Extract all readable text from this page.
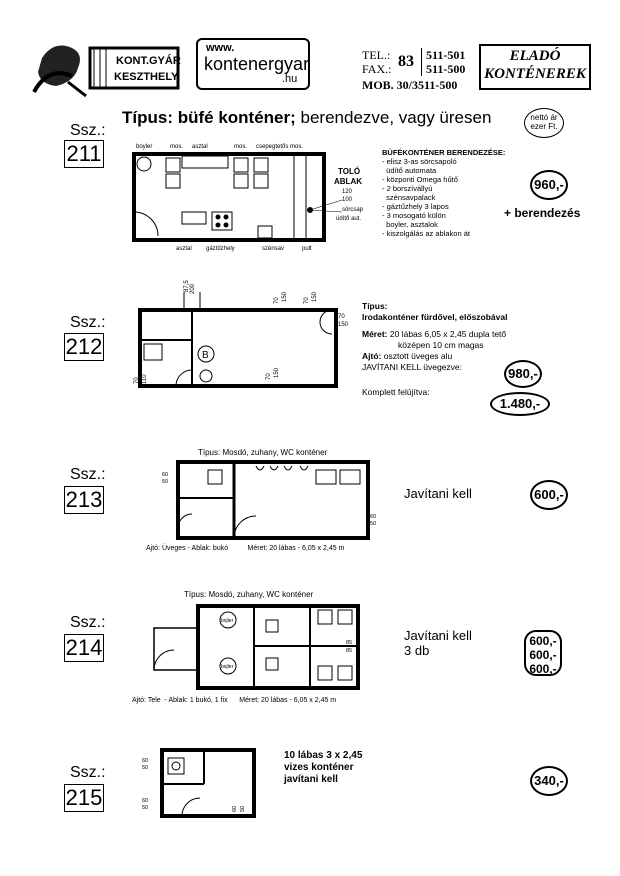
KONT.GYÁR
KESZTHELY
www.
kontenergyar
.hu
TEL.:
FAX.: 83 511-501
511-500
MOB. 30/3511-500
ELADÓ
KONTÉNEREK
Ssz.:
211
Típus: büfé konténer; berendezve, vagy üresen	nettó ár ezer Ft.
boyler	mos. asztal	mos. csepegtetős mos.
asztal gáztűzhely	szénsav	pult
TOLÓ
ABLAK
120
100
sörcsap
üdítő aut.
BÜFÉKONTÉNER BERENDEZÉSE:
- elisz 3-as sörcsapoló
üdítő automata
- központi Omega hűtő
- 2 borszívállyú
szénsavpalack
- gáztűzhely 3 lapos
- 3 mosogató külön
boyler, asztalok
- kiszolgálás az ablakon át
960,-
+ berendezés
Ssz.:
212	B
87,5 200
70 150	70 150
70
150
70 110	70 150
Típus:
Irodakonténer fürdővel, előszobával
Méret: 20 lábas 6,05 x 2,45 dupla tető
középen 10 cm magas
Ajtó: osztott üveges alu
JAVÍTANI KELL üvegezve:
Komplett felújítva:
980,-
1.480,-
Ssz.:
213
Típus: Mosdó, zuhany, WC konténer
60
50
60
50
Ajtó: Üveges - Ablak: bukó          Méret: 20 lábas - 6,05 x 2,45 m
Javítani kell	600,-
Ssz.:
214
Típus: Mosdó, zuhany, WC konténer
bojler
bojler
85
85
Ajtó: Tele  - Ablak: 1 bukó, 1 fix      Méret: 20 lábas - 6,05 x 2,45 m
Javítani kell
3 db
600,-
600,-
600,-
Ssz.:
215
60
50
60
50	60 50
10 lábas 3 x 2,45
vizes konténer
javítani kell	340,-
